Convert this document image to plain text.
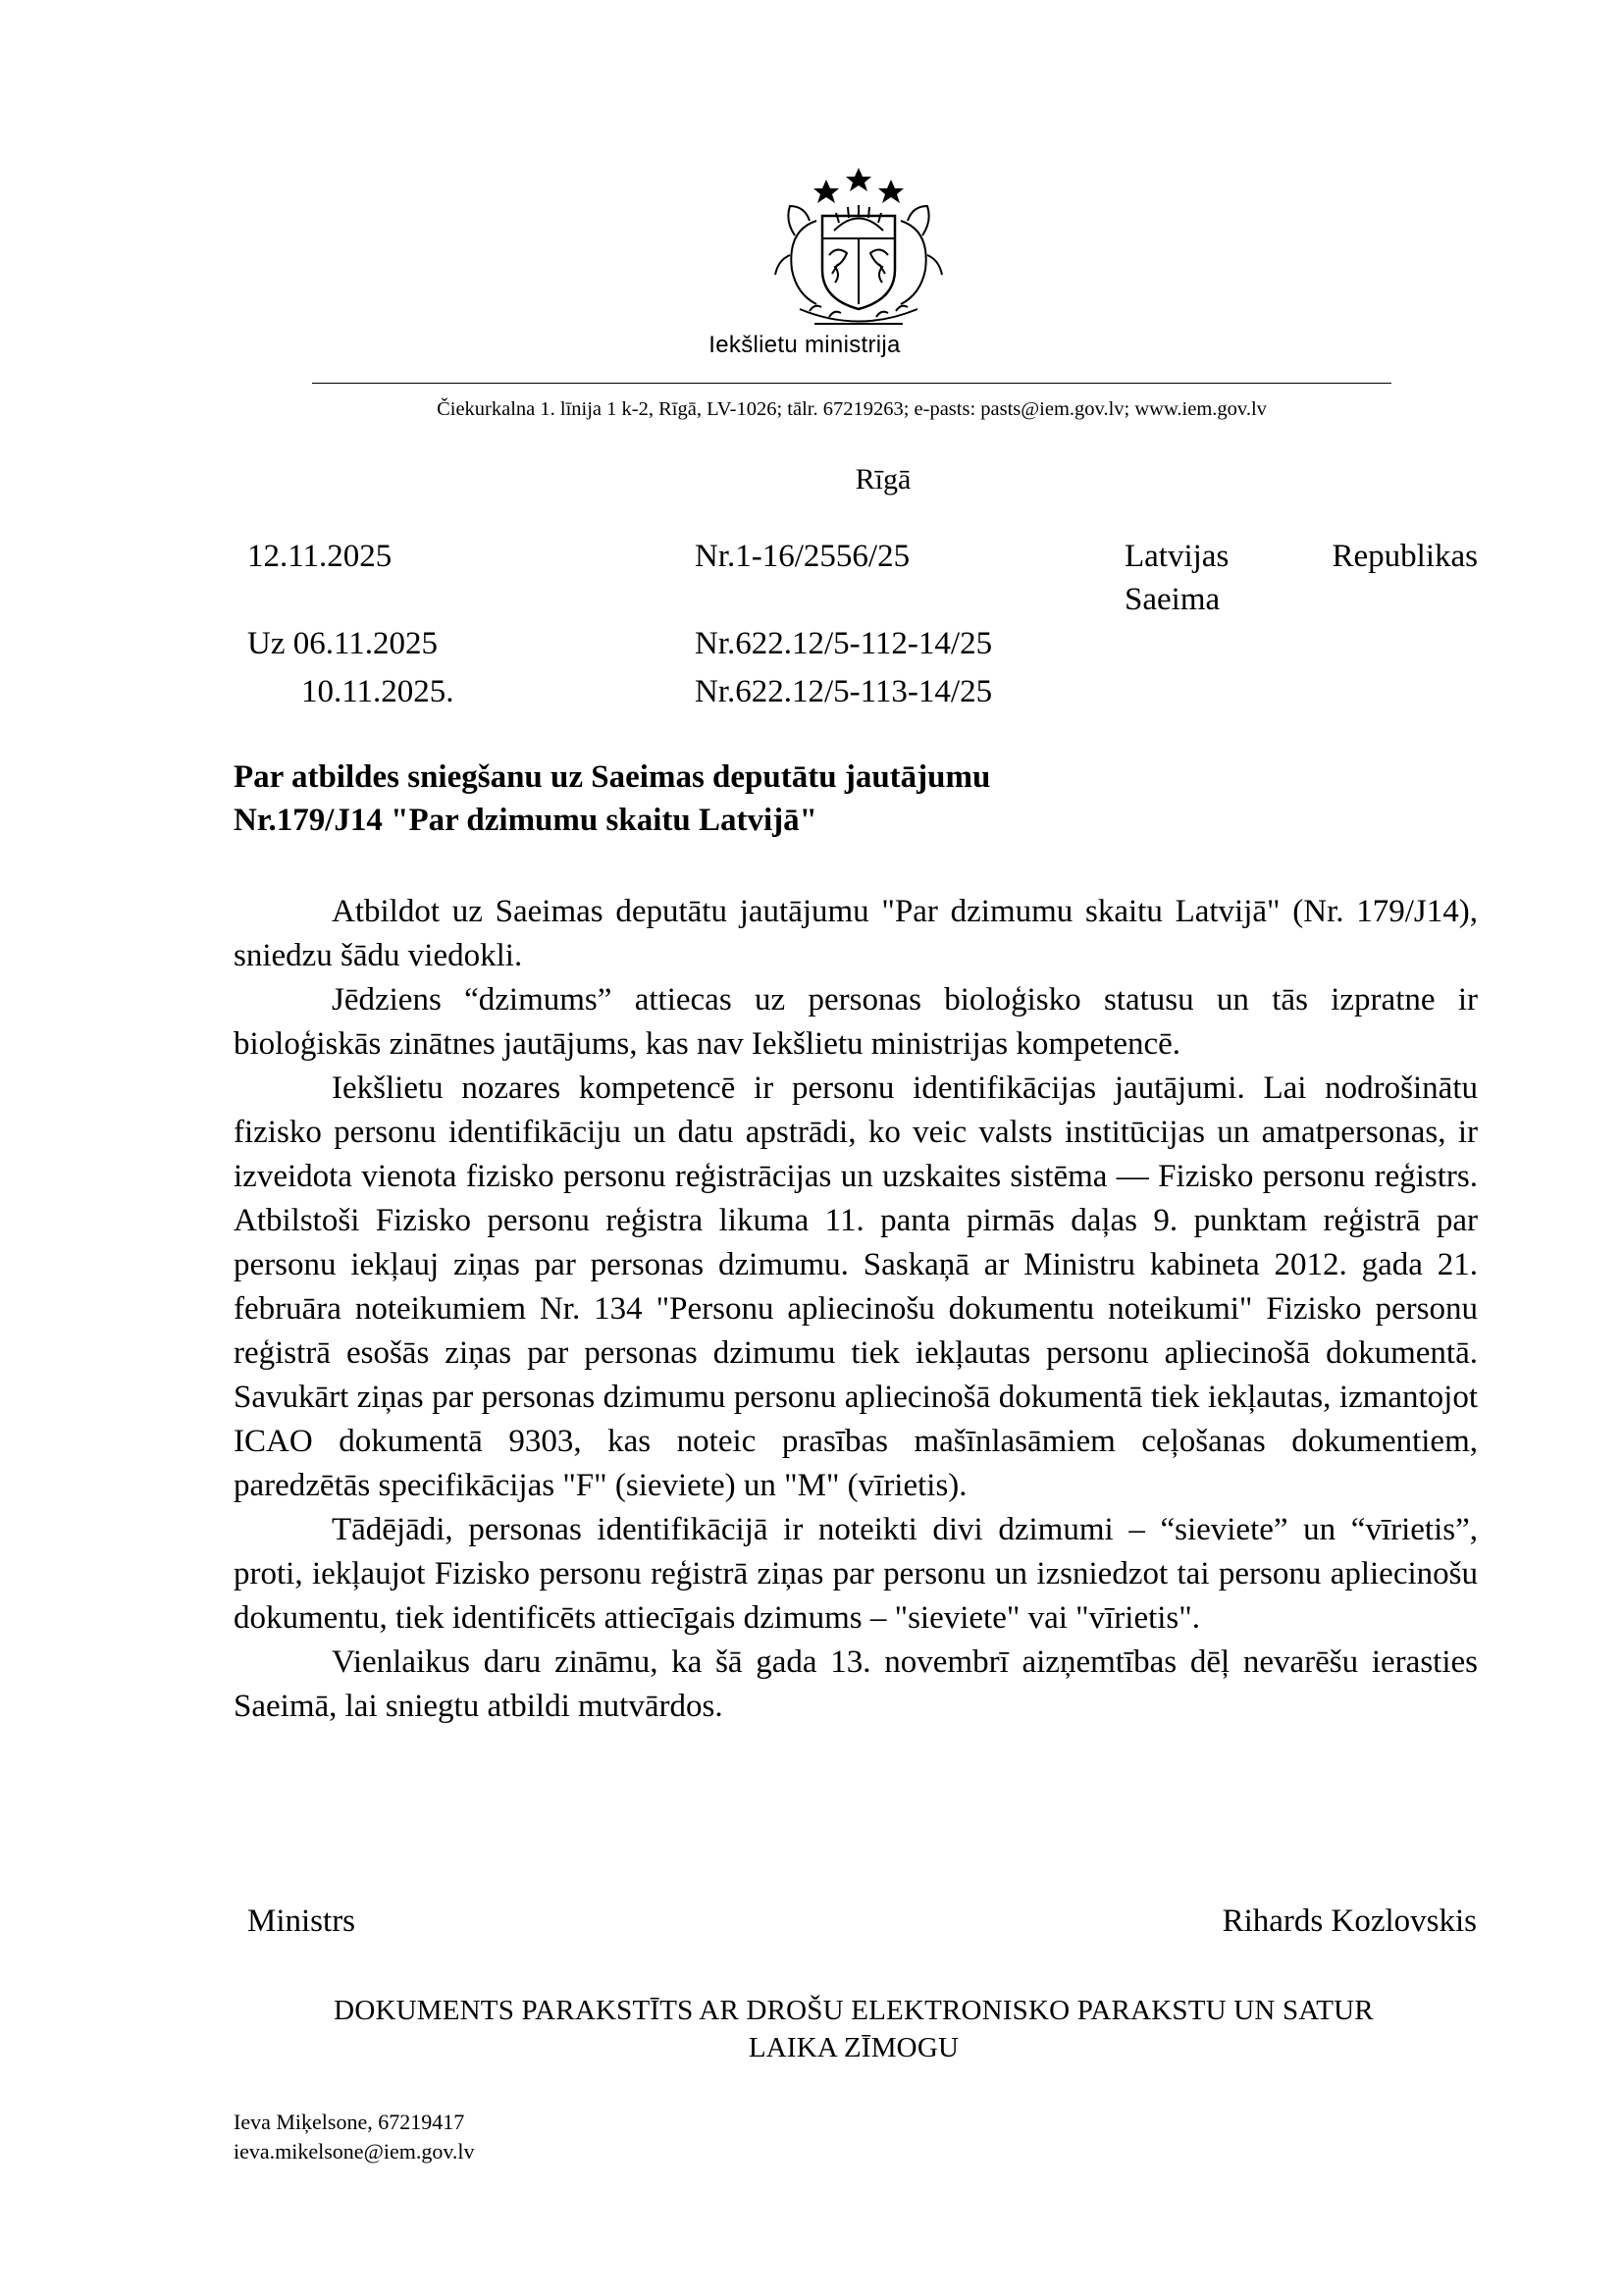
Iekšlietu ministrija
Čiekurkalna 1. līnija 1 k-2, Rīgā, LV-1026; tālr. 67219263; e-pasts: pasts@iem.gov.lv; www.iem.gov.lv
Rīgā
12.11.2025	Nr.1-16/2556/25
Uz 06.11.2025	Nr.622.12/5-112-14/25
10.11.2025.	Nr.622.12/5-113-14/25
Latvijas	Republikas
Saeima
Par atbildes sniegšanu uz Saeimas deputātu jautājumu
Nr.179/J14 "Par dzimumu skaitu Latvijā"

Atbildot uz Saeimas deputātu jautājumu "Par dzimumu skaitu Latvijā" (Nr. 179/J14), sniedzu šādu viedokli.

Jēdziens “dzimums” attiecas uz personas bioloģisko statusu un tās izpratne ir bioloģiskās zinātnes jautājums, kas nav Iekšlietu ministrijas kompetencē.

Iekšlietu nozares kompetencē ir personu identifikācijas jautājumi. Lai nodrošinātu fizisko personu identifikāciju un datu apstrādi, ko veic valsts institūcijas un amatpersonas, ir izveidota vienota fizisko personu reģistrācijas un uzskaites sistēma — Fizisko personu reģistrs. Atbilstoši Fizisko personu reģistra likuma 11. panta pirmās daļas 9. punktam reģistrā par personu iekļauj ziņas par personas dzimumu. Saskaņā ar Ministru kabineta 2012. gada 21. februāra noteikumiem Nr. 134 "Personu apliecinošu dokumentu noteikumi" Fizisko personu reģistrā esošās ziņas par personas dzimumu tiek iekļautas personu apliecinošā dokumentā. Savukārt ziņas par personas dzimumu personu apliecinošā dokumentā tiek iekļautas, izmantojot ICAO dokumentā 9303, kas noteic prasības mašīnlasāmiem ceļošanas dokumentiem, paredzētās specifikācijas "F" (sieviete) un "M" (vīrietis).

Tādējādi, personas identifikācijā ir noteikti divi dzimumi – “sieviete” un “vīrietis”, proti, iekļaujot Fizisko personu reģistrā ziņas par personu un izsniedzot tai personu apliecinošu dokumentu, tiek identificēts attiecīgais dzimums – "sieviete" vai "vīrietis".

Vienlaikus daru zināmu, ka šā gada 13. novembrī aizņemtības dēļ nevarēšu ierasties Saeimā, lai sniegtu atbildi mutvārdos.

Ministrs	Rihards Kozlovskis
DOKUMENTS PARAKSTĪTS AR DROŠU ELEKTRONISKO PARAKSTU UN SATUR
LAIKA ZĪMOGU
Ieva Miķelsone, 67219417
ieva.mikelsone@iem.gov.lv
